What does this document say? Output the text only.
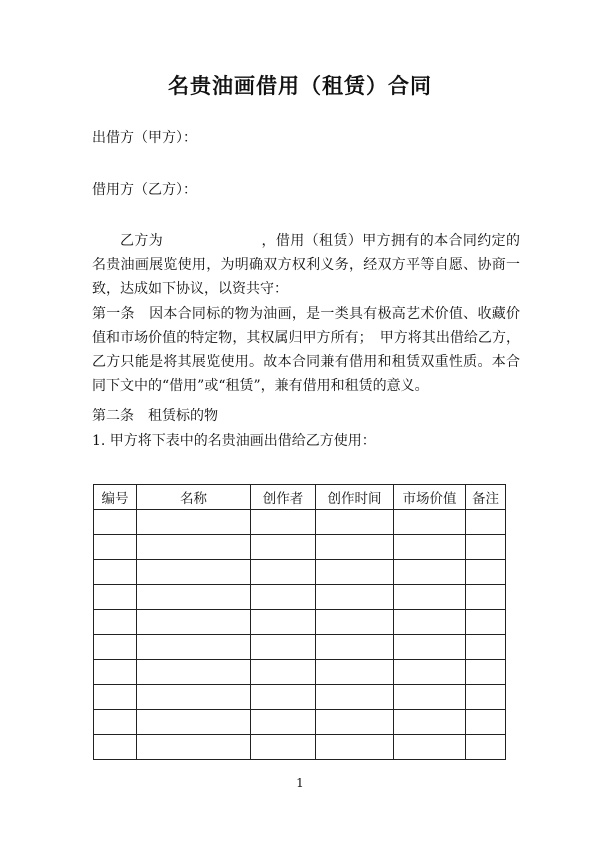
名贵油画借用（租赁）合同
出借方（甲方）：
借用方（乙方）：
乙方为	，借用（租赁）甲方拥有的本合同约定的名贵油画展览使用，为明确双方权利义务，经双方平等自愿、协商一致，达成如下协议，以资共守：
第一条　因本合同标的物为油画，是一类具有极高艺术价值、收藏价值和市场价值的特定物，其权属归甲方所有；　甲方将其出借给乙方，乙方只能是将其展览使用。故本合同兼有借用和租赁双重性质。本合同下文中的“借用”或“租赁”，兼有借用和租赁的意义。
第二条　租赁标的物
1. 甲方将下表中的名贵油画出借给乙方使用：
编号	名称	创作者	创作时间	市场价值	备注

1
